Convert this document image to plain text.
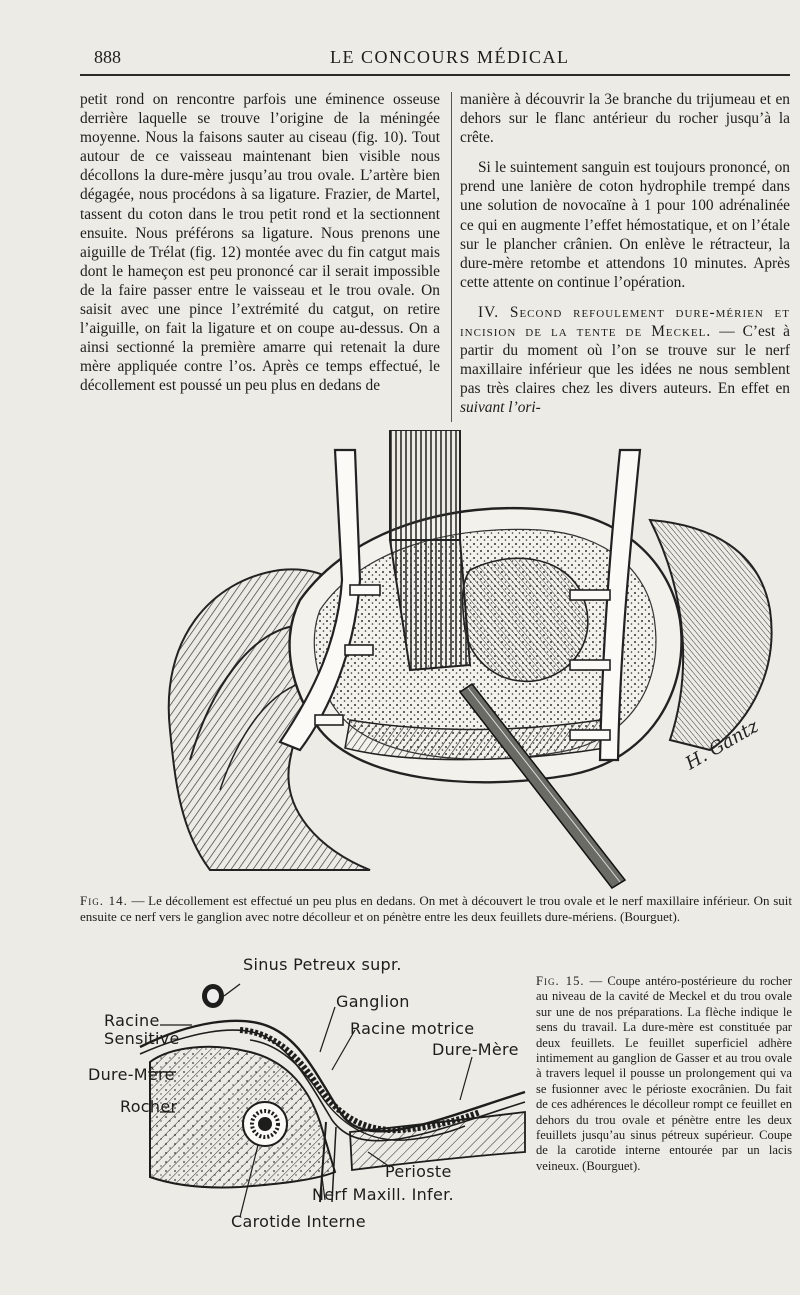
888	LE CONCOURS MÉDICAL

petit rond on rencontre parfois une éminence osseuse derrière laquelle se trouve l’origine de la méningée moyenne. Nous la faisons sauter au ciseau (fig. 10). Tout autour de ce vaisseau maintenant bien visible nous décollons la dure-mère jusqu’au trou ovale. L’artère bien dégagée, nous procédons à sa ligature. Frazier, de Martel, tassent du coton dans le trou petit rond et la sectionnent ensuite. Nous préférons sa ligature. Nous prenons une aiguille de Trélat (fig. 12) montée avec du fin catgut mais dont le hameçon est peu prononcé car il serait impossible de la faire passer entre le vaisseau et le trou ovale. On saisit avec une pince l’extrémité du catgut, on retire l’aiguille, on fait la ligature et on coupe au-dessus. On a ainsi sectionné la première amarre qui retenait la dure mère appliquée contre l’os. Après ce temps effectué, le décollement est poussé un peu plus en dedans de

manière à découvrir la 3e branche du trijumeau et en dehors sur le flanc antérieur du rocher jusqu’à la crête.

Si le suintement sanguin est toujours prononcé, on prend une lanière de coton hydrophile trempé dans une solution de novocaïne à 1 pour 100 adrénalinée ce qui en augmente l’effet hémostatique, et on l’étale sur le plancher crânien. On enlève le rétracteur, la dure-mère retombe et attendons 10 minutes. Après cette attente on continue l’opération.

IV. Second refoulement dure-mérien et incision de la tente de Meckel. — C’est à partir du moment où l’on se trouve sur le nerf maxillaire inférieur que les idées ne nous semblent pas très claires chez les divers auteurs. En effet en suivant l’ori-

H. Gantz
Fig. 14. — Le décollement est effectué un peu plus en dedans. On met à découvert le trou ovale et le nerf maxillaire inférieur. On suit ensuite ce nerf vers le ganglion avec notre décolleur et on pénètre entre les deux feuillets dure-mériens. (Bourguet).
Sinus Petreux supr.
Ganglion
Racine Sensitive
Racine motrice
Dure-Mère
Dure-Mère
Rocher
Perioste
Nerf Maxill. Infer.
Carotide Interne
Fig. 15. — Coupe antéro-postérieure du rocher au niveau de la cavité de Meckel et du trou ovale sur une de nos préparations. La flèche indique le sens du travail. La dure-mère est constituée par deux feuillets. Le feuillet superficiel adhère intimement au ganglion de Gasser et au trou ovale à travers lequel il pousse un prolongement qui va se fusionner avec le périoste exocrânien. Du fait de ces adhérences le décolleur rompt ce feuillet en dehors du trou ovale et pénètre entre les deux feuillets jusqu’au sinus pétreux supérieur. Coupe de la carotide interne entourée par un lacis veineux. (Bourguet).
